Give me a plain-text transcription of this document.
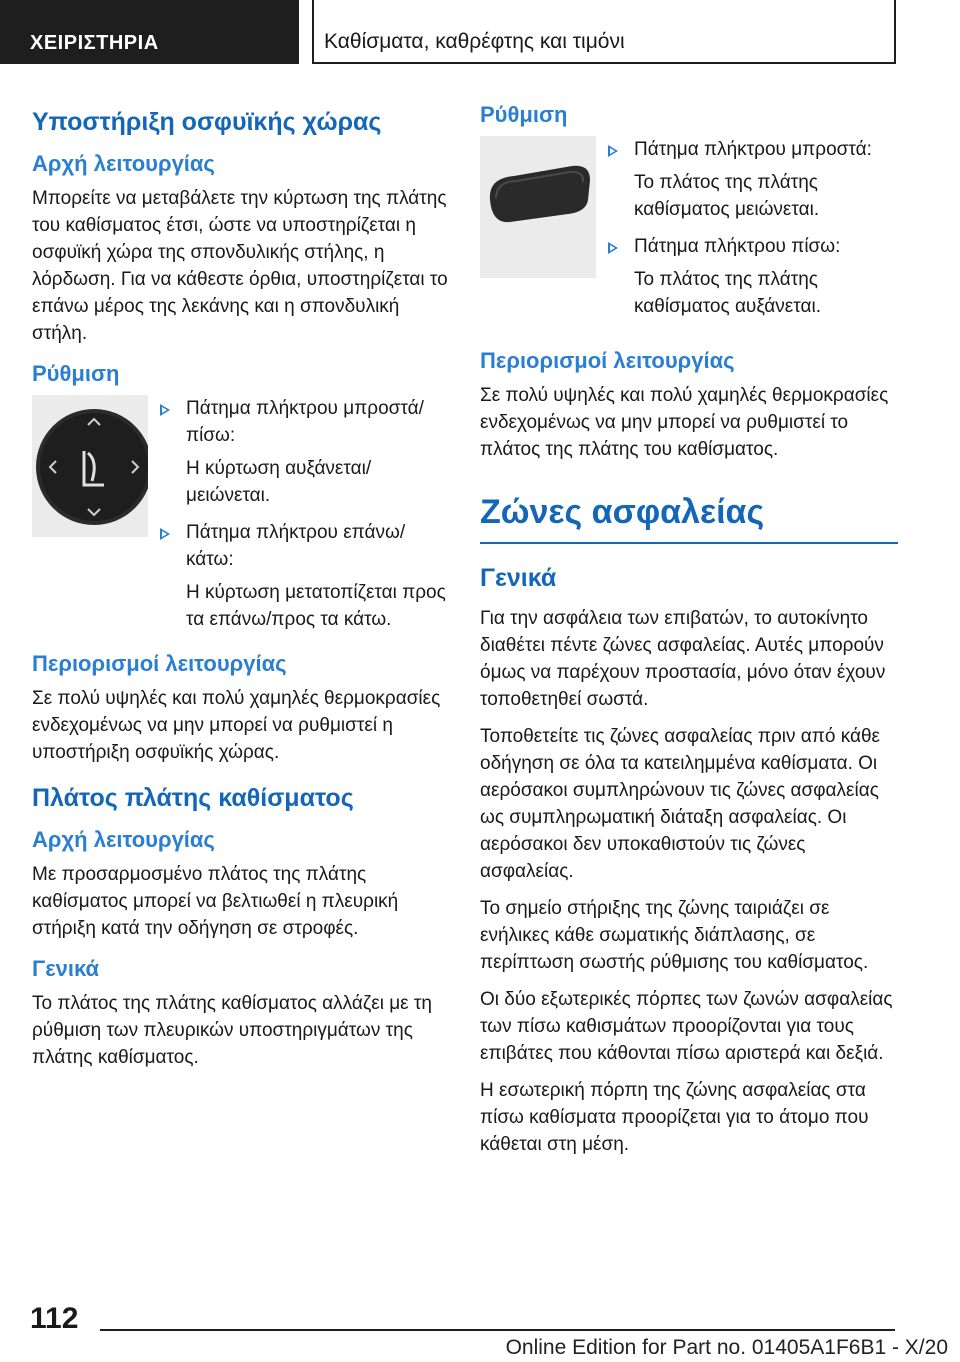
ΧΕΙΡΙΣΤΗΡΙΑ	Καθίσματα, καθρέφτης και τιμόνι
Υποστήριξη οσφυϊκής χώρας
Αρχή λειτουργίας

Μπορείτε να μεταβάλετε την κύρτωση της πλάτης του καθίσματος έτσι, ώστε να υποστηρίζεται η οσφυϊκή χώρα της σπονδυλικής στήλης, η λόρδωση. Για να κάθεστε όρθια, υποστηρίζεται το επάνω μέρος της λεκάνης και η σπονδυλική στήλη.

Ρύθμιση
Πάτημα πλήκτρου μπροστά/πίσω:
Η κύρτωση αυξάνεται/μειώνεται.
Πάτημα πλήκτρου επάνω/κάτω:
Η κύρτωση μετατοπίζεται προς τα επάνω/προς τα κάτω.
Περιορισμοί λειτουργίας

Σε πολύ υψηλές και πολύ χαμηλές θερμοκρασίες ενδεχομένως να μην μπορεί να ρυθμιστεί η υποστήριξη οσφυϊκής χώρας.

Πλάτος πλάτης καθίσματος
Αρχή λειτουργίας

Με προσαρμοσμένο πλάτος της πλάτης καθίσματος μπορεί να βελτιωθεί η πλευρική στήριξη κατά την οδήγηση σε στροφές.

Γενικά

Το πλάτος της πλάτης καθίσματος αλλάζει με τη ρύθμιση των πλευρικών υποστηριγμάτων της πλάτης καθίσματος.

Ρύθμιση
Πάτημα πλήκτρου μπροστά:
Το πλάτος της πλάτης καθίσματος μειώνεται.
Πάτημα πλήκτρου πίσω:
Το πλάτος της πλάτης καθίσματος αυξάνεται.
Περιορισμοί λειτουργίας

Σε πολύ υψηλές και πολύ χαμηλές θερμοκρασίες ενδεχομένως να μην μπορεί να ρυθμιστεί το πλάτος της πλάτης του καθίσματος.

Ζώνες ασφαλείας
Γενικά

Για την ασφάλεια των επιβατών, το αυτοκίνητο διαθέτει πέντε ζώνες ασφαλείας. Αυτές μπορούν όμως να παρέχουν προστασία, μόνο όταν έχουν τοποθετηθεί σωστά.

Τοποθετείτε τις ζώνες ασφαλείας πριν από κάθε οδήγηση σε όλα τα κατειλημμένα καθίσματα. Οι αερόσακοι συμπληρώνουν τις ζώνες ασφαλείας ως συμπληρωματική διάταξη ασφαλείας. Οι αερόσακοι δεν υποκαθιστούν τις ζώνες ασφαλείας.

Το σημείο στήριξης της ζώνης ταιριάζει σε ενήλικες κάθε σωματικής διάπλασης, σε περίπτωση σωστής ρύθμισης του καθίσματος.

Οι δύο εξωτερικές πόρπες των ζωνών ασφαλείας των πίσω καθισμάτων προορίζονται για τους επιβάτες που κάθονται πίσω αριστερά και δεξιά.

Η εσωτερική πόρπη της ζώνης ασφαλείας στα πίσω καθίσματα προορίζεται για το άτομο που κάθεται στη μέση.

112
Online Edition for Part no. 01405A1F6B1 - X/20
